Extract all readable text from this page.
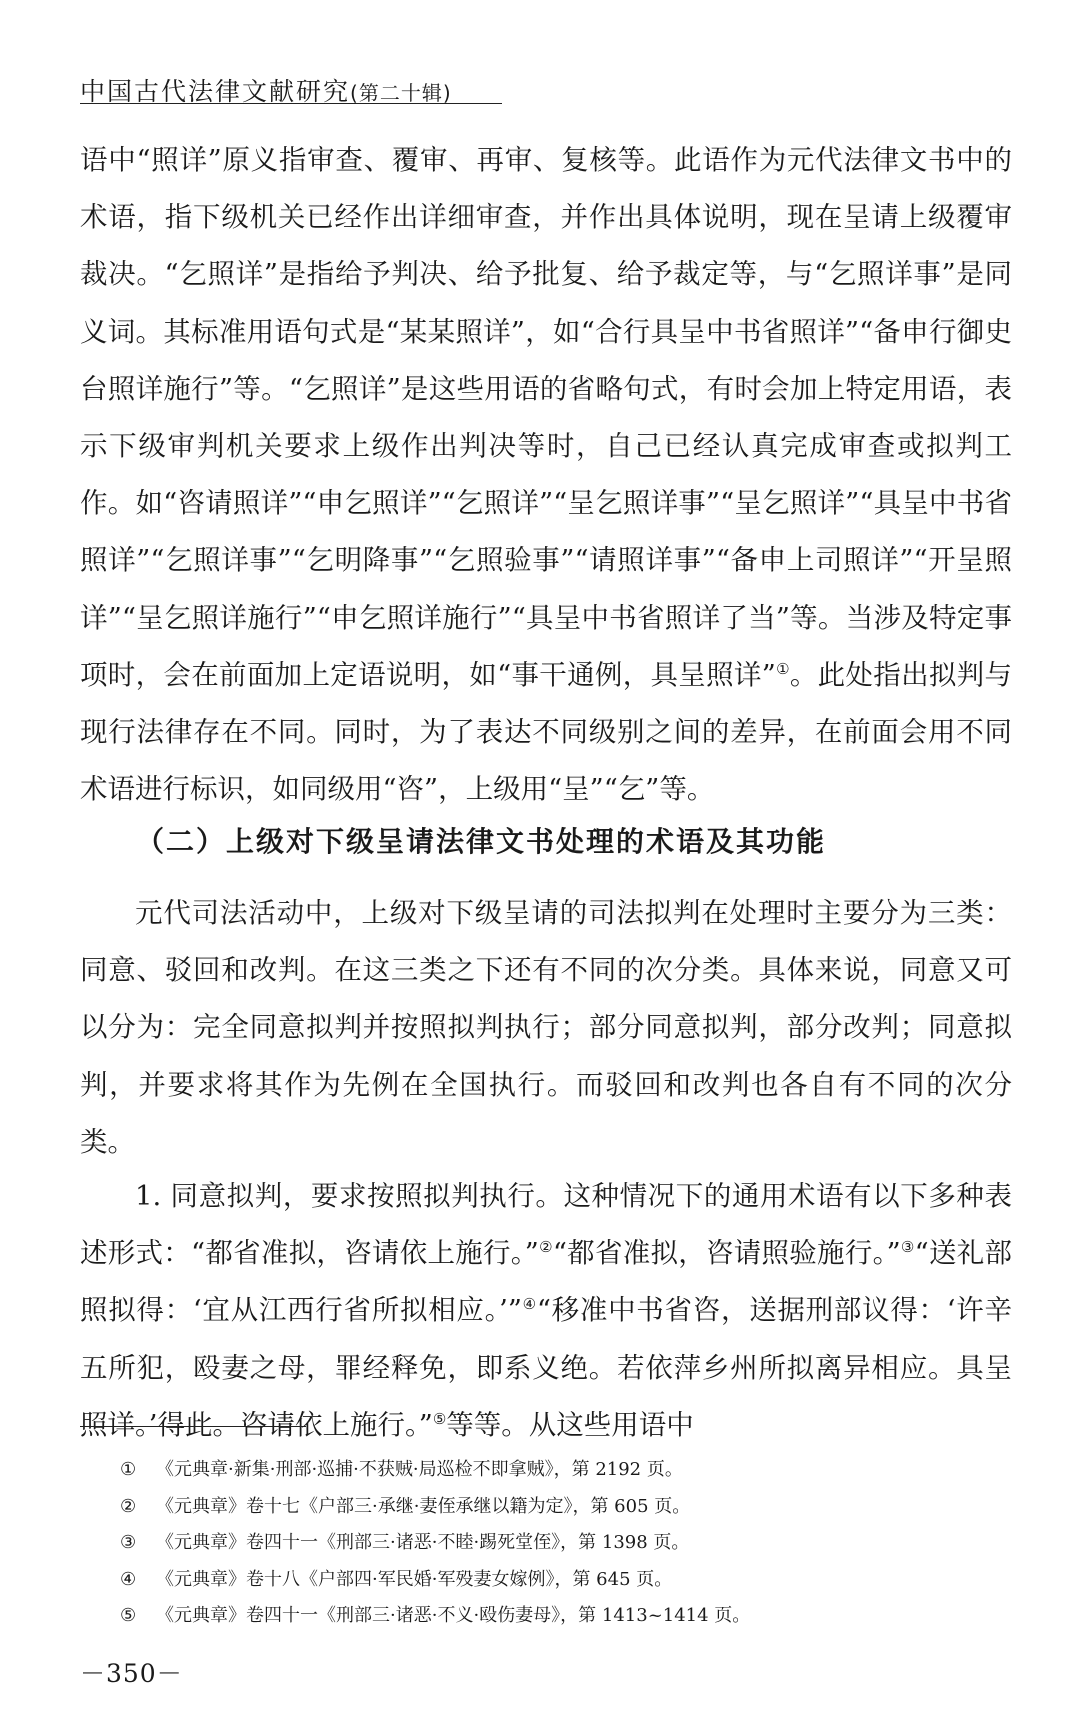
中国古代法律文献研究(第二十辑)

语中“照详”原义指审查、覆审、再审、复核等。此语作为元代法律文书中的术语，指下级机关已经作出详细审查，并作出具体说明，现在呈请上级覆审裁决。“乞照详”是指给予判决、给予批复、给予裁定等，与“乞照详事”是同义词。其标准用语句式是“某某照详”，如“合行具呈中书省照详”“备申行御史台照详施行”等。“乞照详”是这些用语的省略句式，有时会加上特定用语，表示下级审判机关要求上级作出判决等时，自己已经认真完成审查或拟判工作。如“咨请照详”“申乞照详”“乞照详”“呈乞照详事”“呈乞照详”“具呈中书省照详”“乞照详事”“乞明降事”“乞照验事”“请照详事”“备申上司照详”“开呈照详”“呈乞照详施行”“申乞照详施行”“具呈中书省照详了当”等。当涉及特定事项时，会在前面加上定语说明，如“事干通例，具呈照详”①。此处指出拟判与现行法律存在不同。同时，为了表达不同级别之间的差异，在前面会用不同术语进行标识，如同级用“咨”，上级用“呈”“乞”等。

（二）上级对下级呈请法律文书处理的术语及其功能

元代司法活动中，上级对下级呈请的司法拟判在处理时主要分为三类：同意、驳回和改判。在这三类之下还有不同的次分类。具体来说，同意又可以分为：完全同意拟判并按照拟判执行；部分同意拟判，部分改判；同意拟判，并要求将其作为先例在全国执行。而驳回和改判也各自有不同的次分类。

1. 同意拟判，要求按照拟判执行。这种情况下的通用术语有以下多种表述形式：“都省准拟，咨请依上施行。”②“都省准拟，咨请照验施行。”③“送礼部照拟得：‘宜从江西行省所拟相应。’”④“移准中书省咨，送据刑部议得：‘许辛五所犯，殴妻之母，罪经释免，即系义绝。若依萍乡州所拟离异相应。具呈照详。’得此。咨请依上施行。”⑤等等。从这些用语中

① 《元典章·新集·刑部·巡捕·不获贼·局巡检不即拿贼》，第 2192 页。
② 《元典章》卷十七《户部三·承继·妻侄承继以籍为定》，第 605 页。
③ 《元典章》卷四十一《刑部三·诸恶·不睦·踢死堂侄》，第 1398 页。
④ 《元典章》卷十八《户部四·军民婚·军殁妻女嫁例》，第 645 页。
⑤ 《元典章》卷四十一《刑部三·诸恶·不义·殴伤妻母》，第 1413~1414 页。
－350－
